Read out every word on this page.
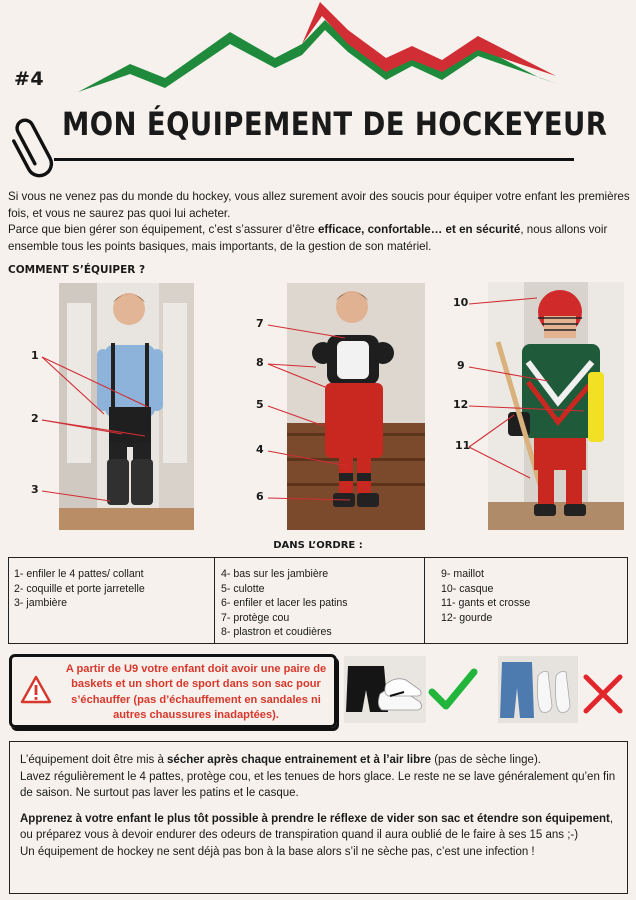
#4
MON ÉQUIPEMENT DE HOCKEYEUR
Si vous ne venez pas du monde du hockey, vous allez surement avoir des soucis pour équiper votre enfant les premières fois, et vous ne saurez pas quoi lui acheter.
Parce que bien gérer son équipement, c’est s’assurer d’être efficace, confortable… et en sécurité, nous allons voir ensemble tous les points basiques, mais importants, de la gestion de son matériel.
COMMENT S’ÉQUIPER ?
1
2
3
7
8
5
4
6
10
9
12
11
DANS L’ORDRE :
1- enfiler le 4 pattes/ collant
2- coquille et porte jarretelle
3- jambière
4- bas sur les jambière
5- culotte
6- enfiler et lacer les patins
7- protège cou
8- plastron et coudières
9- maillot
10- casque
11- gants et crosse
12- gourde
A partir de U9 votre enfant doit avoir une paire de baskets et un short de sport dans son sac pour s’échauffer (pas d’échauffement en sandales ni autres chaussures inadaptées).

L’équipement doit être mis à sécher après chaque entrainement et à l’air libre (pas de sèche linge).

Lavez régulièrement le 4 pattes, protège cou, et les tenues de hors glace. Le reste ne se lave généralement qu’en fin de saison. Ne surtout pas laver les patins et le casque.

Apprenez à votre enfant le plus tôt possible à prendre le réflexe de vider son sac et étendre son équipement, ou préparez vous à devoir endurer des odeurs de transpiration quand il aura oublié de le faire à ses 15 ans ;-)

Un équipement de hockey ne sent déjà pas bon à la base alors s’il ne sèche pas, c’est une infection !
